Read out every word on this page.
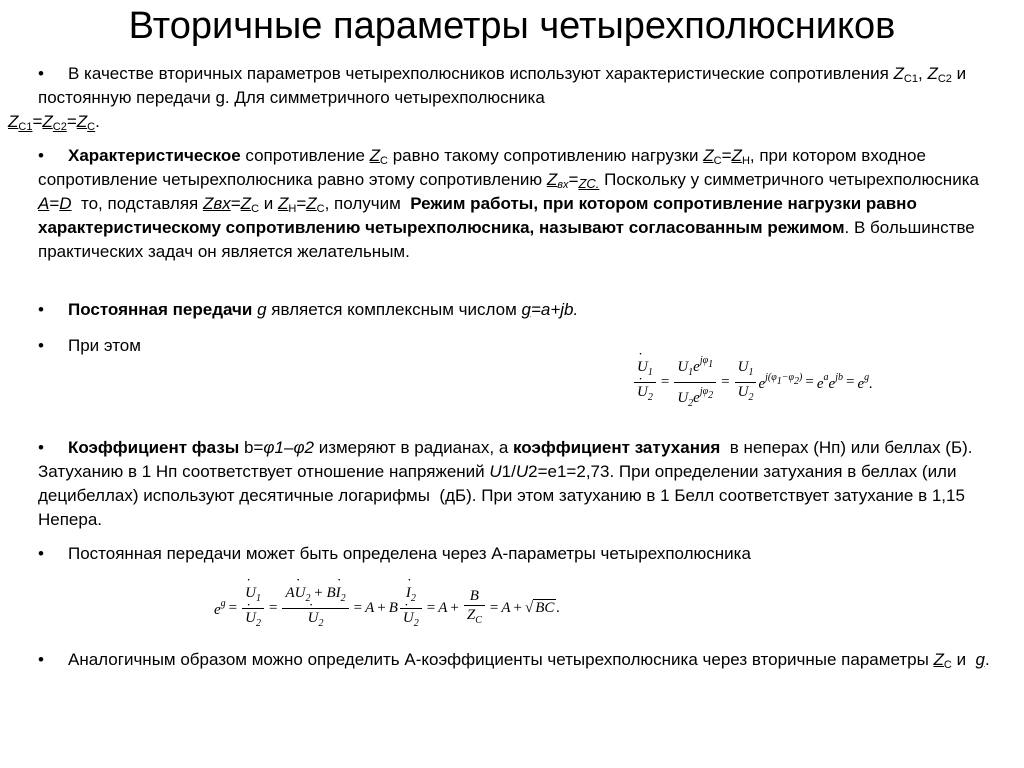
Вторичные параметры четырехполюсников
•	В качестве вторичных параметров четырехполюсников используют характеристические сопротивления $Z_{C1}$, $Z_{C2}$ и постоянную передачи g. Для симметричного четырехполюсника
$Z_{C1}=Z_{C2}=Z_C$.
•	Характеристическое сопротивление $Z_C$ равно такому сопротивлению нагрузки $Z_C=Z_H$, при котором входное сопротивление четырехполюсника равно этому сопротивлению $Z_{вх}=_{ZC.}$ Поскольку у симметричного четырехполюсника A=D  то, подставляя $Zвх=Z_C$ и $Z_H=Z_C$, получим  Режим работы, при котором сопротивление нагрузки равно характеристическому сопротивлению четырехполюсника, называют согласованным режимом. В большинстве практических задач он является желательным.
•	Постоянная передачи g является комплексным числом g=a+jb.
•	При этом
˙ $U_1$
˙ $U_2 = \frac{U_1e^{j\varphi 1}}{U_2e^{j\varphi 2}} = \frac{U_1}{U_2} e^{j(\varphi 1-\varphi 2)} = e^ae^{jb} = e^g$.
•	Коэффициент фазы b=φ1–φ2 измеряют в радианах, а коэффициент затухания  в неперах (Нп) или беллах (Б). Затуханию в 1 Нп соответствует отношение напряжений U1/U2=e1=2,73. При определении затухания в беллах (или децибеллах) используют десятичные логарифмы  (дБ). При этом затуханию в 1 Белл соответствует затухание в 1,15 Непера.
•	Постоянная передачи может быть определена через А-параметры четырехполюсника
$e^g$ = ˙ $U_1$
˙ $U_2$ = A˙ $U_2$ + B˙ $I_2$
˙ $U_2 = A + B$ ˙ $I_2$
˙ $U_2 = A + \frac{B}{Z_C} = A$ + √ BC .
•	Аналогичным образом можно определить А-коэффициенты четырехполюсника через вторичные параметры $Z_C$ и  g.
